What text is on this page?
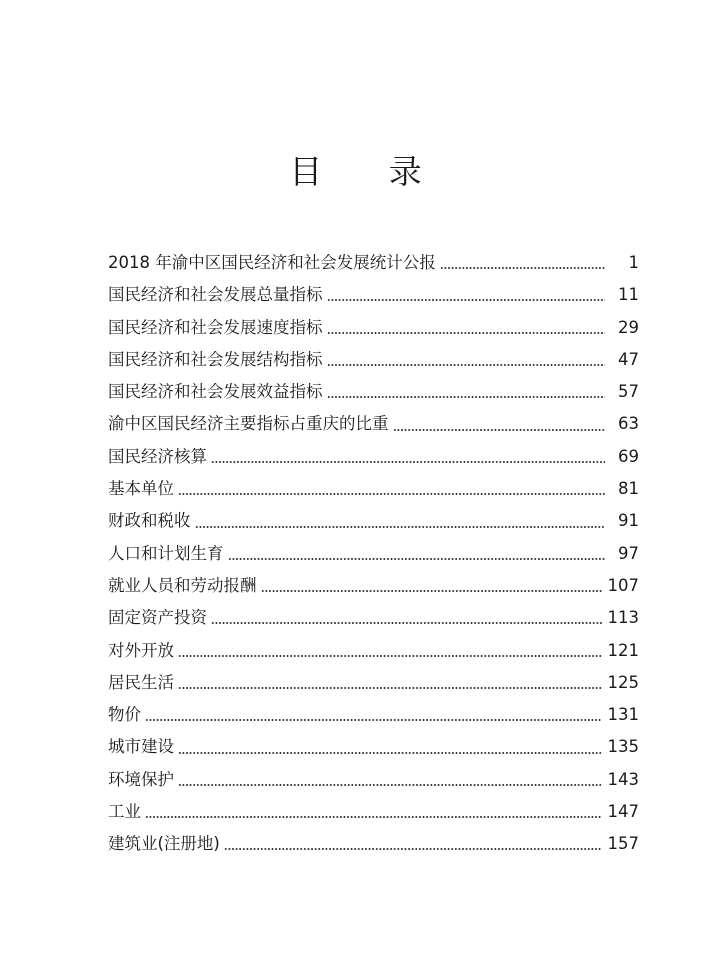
目 录
2018 年渝中区国民经济和社会发展统计公报	1
国民经济和社会发展总量指标	11
国民经济和社会发展速度指标	29
国民经济和社会发展结构指标	47
国民经济和社会发展效益指标	57
渝中区国民经济主要指标占重庆的比重	63
国民经济核算	69
基本单位	81
财政和税收	91
人口和计划生育	97
就业人员和劳动报酬	107
固定资产投资	113
对外开放	121
居民生活	125
物价	131
城市建设	135
环境保护	143
工业	147
建筑业(注册地)	157
